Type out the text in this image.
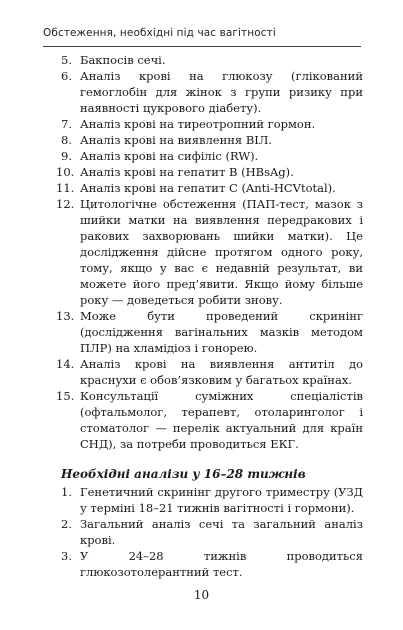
Обстеження, необхідні під час вагітності
5. Бакпосів сечі.
6. Аналіз крові на глюкозу (глікований гемоглобін для жінок з групи ризику при наявності цукрового діабету).
7. Аналіз крові на тиреотропний гормон.
8. Аналіз крові на виявлення ВІЛ.
9. Аналіз крові на сифіліс (RW).
10. Аналіз крові на гепатит В (HBsAg).
11. Аналіз крові на гепатит С (Anti-HCVtotal).
12. Цитологічне обстеження (ПАП-тест, мазок з шийки матки на виявлення передракових і ракових захворювань шийки матки). Це дослідження дійсне протягом одного року, тому, якщо у вас є недавній результат, ви можете його пред’явити. Якщо йому більше року — доведеться робити знову.
13. Може бути проведений скринінг (дослідження вагінальних мазків методом ПЛР) на хламідіоз і гонорею.
14. Аналіз крові на виявлення антитіл до краснухи є обов’язковим у багатьох країнах.
15. Консультації суміжних спеціалістів (офтальмолог, терапевт, отоларинголог і стоматолог — перелік актуальний для країн СНД), за потреби проводиться ЕКГ.
Необхідні аналізи у 16–28 тижнів
1. Генетичний скринінг другого триместру (УЗД у терміні 18–21 тижнів вагітності і гормони).
2. Загальний аналіз сечі та загальний аналіз крові.
3. У 24–28 тижнів проводиться глюкозотолерантний тест.
10
